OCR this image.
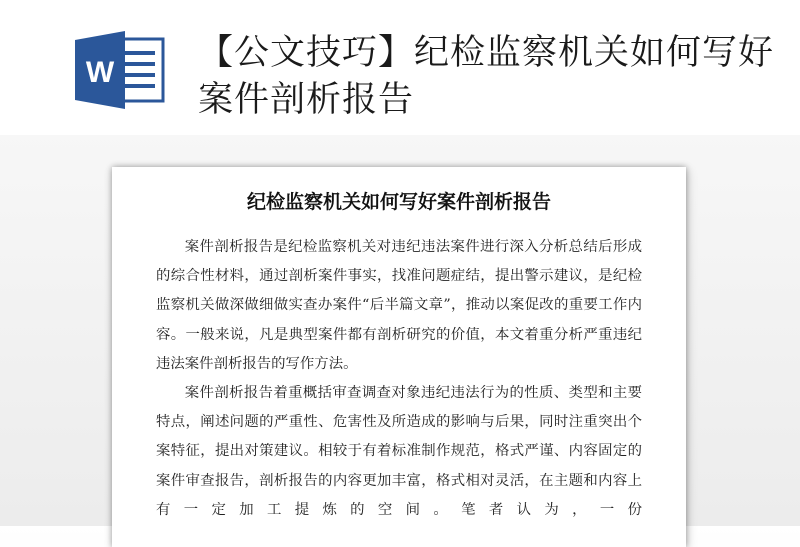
W 【公文技巧】纪检监察机关如何写好案件剖析报告
纪检监察机关如何写好案件剖析报告

案件剖析报告是纪检监察机关对违纪违法案件进行深入分析总结后形成的综合性材料，通过剖析案件事实，找准问题症结，提出警示建议，是纪检监察机关做深做细做实查办案件“后半篇文章”，推动以案促改的重要工作内容。一般来说，凡是典型案件都有剖析研究的价值，本文着重分析严重违纪违法案件剖析报告的写作方法。

案件剖析报告着重概括审查调查对象违纪违法行为的性质、类型和主要特点，阐述问题的严重性、危害性及所造成的影响与后果，同时注重突出个案特征，提出对策建议。相较于有着标准制作规范，格式严谨、内容固定的案件审查报告，剖析报告的内容更加丰富，格式相对灵活，在主题和内容上有一定加工提炼的空间。笔者认为，一份
